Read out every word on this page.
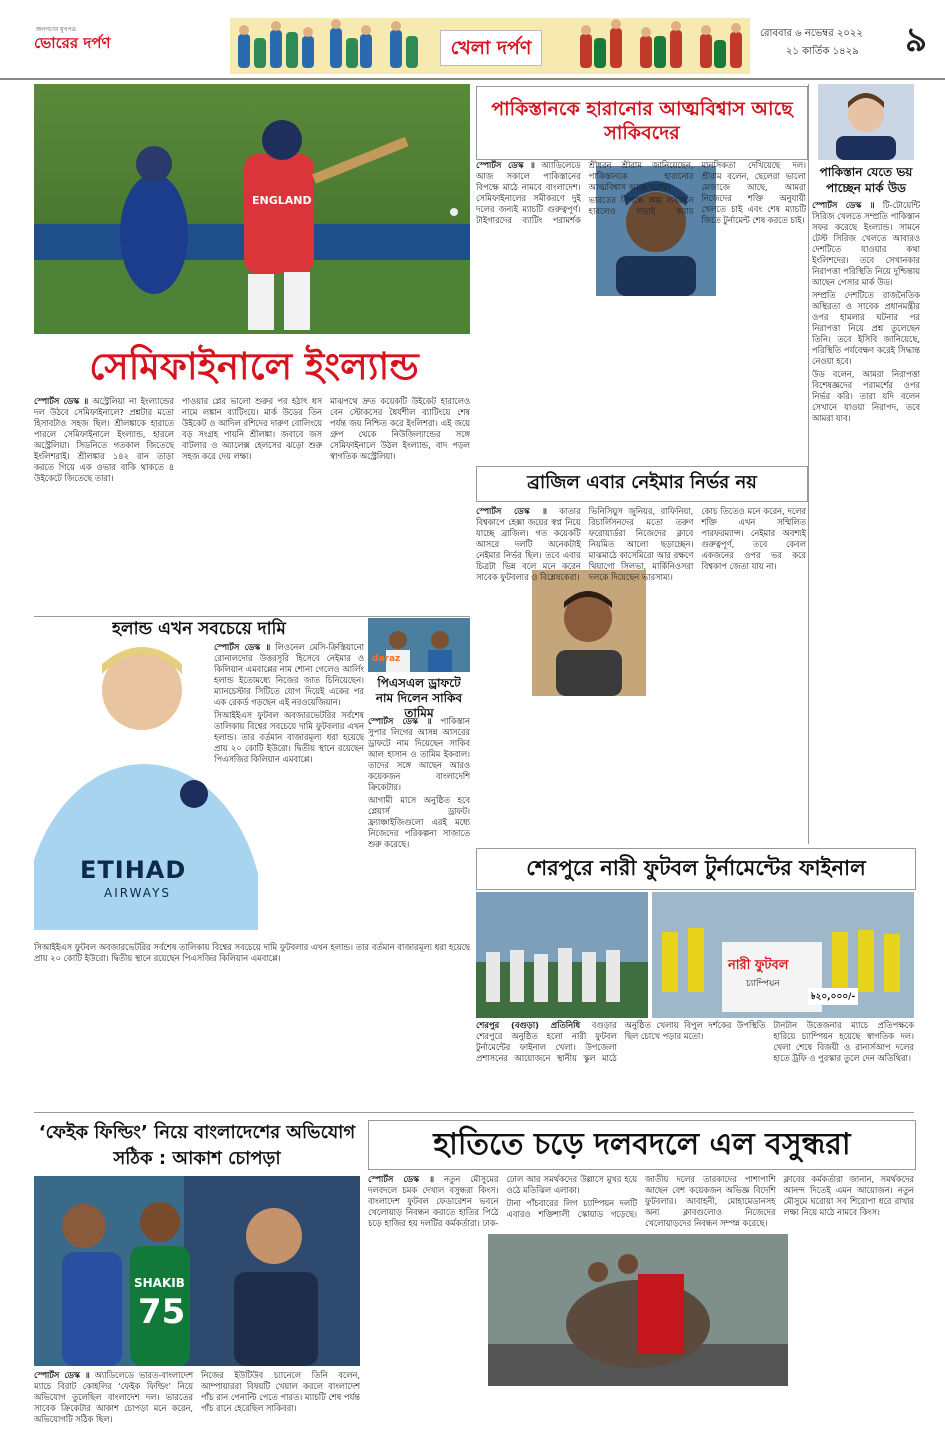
জনগণের মুখপত্র
ভোরের দর্পণ	খেলা দর্পণ
রোববার ৬ নভেম্বর ২০২২
২১ কার্তিক ১৪২৯ ৯
ENGLAND
সেমিফাইনালে ইংল্যান্ড

স্পোর্টস ডেস্ক ॥ অস্ট্রেলিয়া না ইংল্যান্ডের দল উঠবে সেমিফাইনালে? প্রশ্নটার মতো হিসাবটাও সহজ ছিল। শ্রীলঙ্কাকে হারাতে পারলে সেমিফাইনালে ইংল্যান্ড, হারলে অস্ট্রেলিয়া। সিডনিতে গতকাল জিতেছে ইংলিশরাই। শ্রীলঙ্কার ১৪২ রান তাড়া করতে গিয়ে এক ওভার বাকি থাকতে ৪ উইকেটে জিতেছে তারা।

পাওয়ার প্লের ভালো শুরুর পর হঠাৎ ধস নামে লঙ্কান ব্যাটিংয়ে। মার্ক উডের তিন উইকেট ও আদিল রশিদের দারুণ বোলিংয়ে বড় সংগ্রহ পায়নি শ্রীলঙ্কা। জবাবে জস বাটলার ও অ্যালেক্স হেলসের ঝড়ো শুরু সহজ করে দেয় লক্ষ্য।

মাঝপথে দ্রুত কয়েকটি উইকেট হারালেও বেন স্টোকসের ধৈর্যশীল ব্যাটিংয়ে শেষ পর্যন্ত জয় নিশ্চিত করে ইংলিশরা। এই জয়ে গ্রুপ থেকে নিউজিল্যান্ডের সঙ্গে সেমিফাইনালে উঠল ইংল্যান্ড, বাদ পড়ল স্বাগতিক অস্ট্রেলিয়া।

ETIHAD
AIRWAYS
হলান্ড এখন সবচেয়ে দামি

স্পোর্টস ডেস্ক ॥ লিওনেল মেসি-ক্রিস্তিয়ানো রোনালদোর উত্তরসূরি হিসেবে নেইমার ও কিলিয়ান এমবাপ্পের নাম শোনা গেলেও আর্লিং হলান্ড ইতোমধ্যে নিজের জাত চিনিয়েছেন। ম্যানচেস্টার সিটিতে যোগ দিয়েই একের পর এক রেকর্ড গড়ছেন এই নরওয়েজিয়ান।

সিআইইএস ফুটবল অবজারভেটরির সর্বশেষ তালিকায় বিশ্বের সবচেয়ে দামি ফুটবলার এখন হলান্ড। তার বর্তমান বাজারমূল্য ধরা হয়েছে প্রায় ২০ কোটি ইউরো। দ্বিতীয় স্থানে রয়েছেন পিএসজির কিলিয়ান এমবাপ্পে।

daraz
পিএসএল ড্রাফটে নাম দিলেন সাকিব তামিম

স্পোর্টস ডেস্ক ॥ পাকিস্তান সুপার লিগের আসন্ন আসরের ড্রাফটে নাম দিয়েছেন সাকিব আল হাসান ও তামিম ইকবাল। তাদের সঙ্গে আছেন আরও কয়েকজন বাংলাদেশি ক্রিকেটার।

আগামী মাসে অনুষ্ঠিত হবে প্লেয়ার্স ড্রাফট। ফ্র্যাঞ্চাইজিগুলো এরই মধ্যে নিজেদের পরিকল্পনা সাজাতে শুরু করেছে।

সিআইইএস ফুটবল অবজারভেটরির সর্বশেষ তালিকায় বিশ্বের সবচেয়ে দামি ফুটবলার এখন হলান্ড। তার বর্তমান বাজারমূল্য ধরা হয়েছে প্রায় ২০ কোটি ইউরো। দ্বিতীয় স্থানে রয়েছেন পিএসজির কিলিয়ান এমবাপ্পে।

পাকিস্তানকে হারানোর আত্মবিশ্বাস আছে সাকিবদের

স্পোর্টস ডেস্ক ॥ অ্যাডিলেডে আজ সকালে পাকিস্তানের বিপক্ষে মাঠে নামবে বাংলাদেশ। সেমিফাইনালের সমীকরণে দুই দলের জন্যই ম্যাচটি গুরুত্বপূর্ণ। টাইগারদের ব্যাটিং পরামর্শক শ্রীধরন শ্রীরাম জানিয়েছেন, পাকিস্তানকে হারানোর আত্মবিশ্বাস আছে দলের।

ভারতের বিপক্ষে অল্প ব্যবধানে হারলেও লড়াই করার মানসিকতা দেখিয়েছে দল। শ্রীরাম বলেন, ছেলেরা ভালো মেজাজে আছে, আমরা নিজেদের শক্তি অনুযায়ী খেলতে চাই এবং শেষ ম্যাচটি জিতে টুর্নামেন্ট শেষ করতে চাই।

পাকিস্তান যেতে ভয় পাচ্ছেন মার্ক উড

স্পোর্টস ডেস্ক ॥ টি-টোয়েন্টি সিরিজ খেলতে সম্প্রতি পাকিস্তান সফর করেছে ইংল্যান্ড। সামনে টেস্ট সিরিজ খেলতে আবারও দেশটিতে যাওয়ার কথা ইংলিশদের। তবে সেখানকার নিরাপত্তা পরিস্থিতি নিয়ে দুশ্চিন্তায় আছেন পেসার মার্ক উড।

সম্প্রতি দেশটিতে রাজনৈতিক অস্থিরতা ও সাবেক প্রধানমন্ত্রীর ওপর হামলার ঘটনার পর নিরাপত্তা নিয়ে প্রশ্ন তুলেছেন তিনি। তবে ইসিবি জানিয়েছে, পরিস্থিতি পর্যবেক্ষণ করেই সিদ্ধান্ত নেওয়া হবে।

উড বলেন, আমরা নিরাপত্তা বিশেষজ্ঞদের পরামর্শের ওপর নির্ভর করি। তারা যদি বলেন সেখানে যাওয়া নিরাপদ, তবে আমরা যাব।

ব্রাজিল এবার নেইমার নির্ভর নয়

স্পোর্টস ডেস্ক ॥ কাতার বিশ্বকাপে হেক্সা জয়ের স্বপ্ন নিয়ে যাচ্ছে ব্রাজিল। গত কয়েকটি আসরে দলটি অনেকটাই নেইমার নির্ভর ছিল। তবে এবার চিত্রটা ভিন্ন বলে মনে করেন সাবেক ফুটবলার ও বিশ্লেষকেরা।

ভিনিসিয়ুস জুনিয়র, রাফিনিয়া, রিচার্লিসনদের মতো তরুণ ফরোয়ার্ডরা নিজেদের ক্লাবে নিয়মিত আলো ছড়াচ্ছেন। মাঝমাঠে কাসেমিরো আর রক্ষণে থিয়াগো সিলভা, মার্কিনিওসরা দলকে দিয়েছেন ভারসাম্য।

কোচ তিতেও মনে করেন, দলের শক্তি এখন সম্মিলিত পারফরম্যান্স। নেইমার অবশ্যই গুরুত্বপূর্ণ, তবে কেবল একজনের ওপর ভর করে বিশ্বকাপ জেতা যায় না।

শেরপুরে নারী ফুটবল টুর্নামেন্টের ফাইনাল
নারী ফুটবল
চ্যাম্পিয়ন
৳২০,০০০/-

শেরপুর (বগুড়া) প্রতিনিধি বগুড়ার শেরপুরে অনুষ্ঠিত হলো নারী ফুটবল টুর্নামেন্টের ফাইনাল খেলা। উপজেলা প্রশাসনের আয়োজনে স্থানীয় স্কুল মাঠে অনুষ্ঠিত খেলায় বিপুল দর্শকের উপস্থিতি ছিল চোখে পড়ার মতো।

টানটান উত্তেজনার ম্যাচে প্রতিপক্ষকে হারিয়ে চ্যাম্পিয়ন হয়েছে স্বাগতিক দল। খেলা শেষে বিজয়ী ও রানার্সআপ দলের হাতে ট্রফি ও পুরস্কার তুলে দেন অতিথিরা।

‘ফেইক ফিল্ডিং’ নিয়ে বাংলাদেশের অভিযোগ সঠিক : আকাশ চোপড়া
SHAKIB
75

স্পোর্টস ডেস্ক ॥ অ্যাডিলেডে ভারত-বাংলাদেশ ম্যাচে বিরাট কোহলির ‘ফেইক ফিল্ডিং’ নিয়ে অভিযোগ তুলেছিল বাংলাদেশ দল। ভারতের সাবেক ক্রিকেটার আকাশ চোপড়া মনে করেন, অভিযোগটি সঠিক ছিল।

নিজের ইউটিউব চ্যানেলে তিনি বলেন, আম্পায়াররা বিষয়টি খেয়াল করলে বাংলাদেশ পাঁচ রান পেনাল্টি পেতে পারত। ম্যাচটি শেষ পর্যন্ত পাঁচ রানে হেরেছিল সাকিবরা।

হাতিতে চড়ে দলবদলে এল বসুন্ধরা

স্পোর্টস ডেস্ক ॥ নতুন মৌসুমের দলবদলে চমক দেখাল বসুন্ধরা কিংস। বাংলাদেশ ফুটবল ফেডারেশন ভবনে খেলোয়াড় নিবন্ধন করাতে হাতির পিঠে চড়ে হাজির হয় দলটির কর্মকর্তারা। ঢাক-ঢোল আর সমর্থকদের উল্লাসে মুখর হয়ে ওঠে মতিঝিল এলাকা।

টানা পাঁচবারের লিগ চ্যাম্পিয়ন দলটি এবারও শক্তিশালী স্কোয়াড গড়েছে। জাতীয় দলের তারকাদের পাশাপাশি আছেন বেশ কয়েকজন অভিজ্ঞ বিদেশি ফুটবলার। আবাহনী, মোহামেডানসহ অন্য ক্লাবগুলোও নিজেদের খেলোয়াড়দের নিবন্ধন সম্পন্ন করেছে।

ক্লাবের কর্মকর্তারা জানান, সমর্থকদের আনন্দ দিতেই এমন আয়োজন। নতুন মৌসুমে ঘরোয়া সব শিরোপা ধরে রাখার লক্ষ্য নিয়ে মাঠে নামবে কিংস।
